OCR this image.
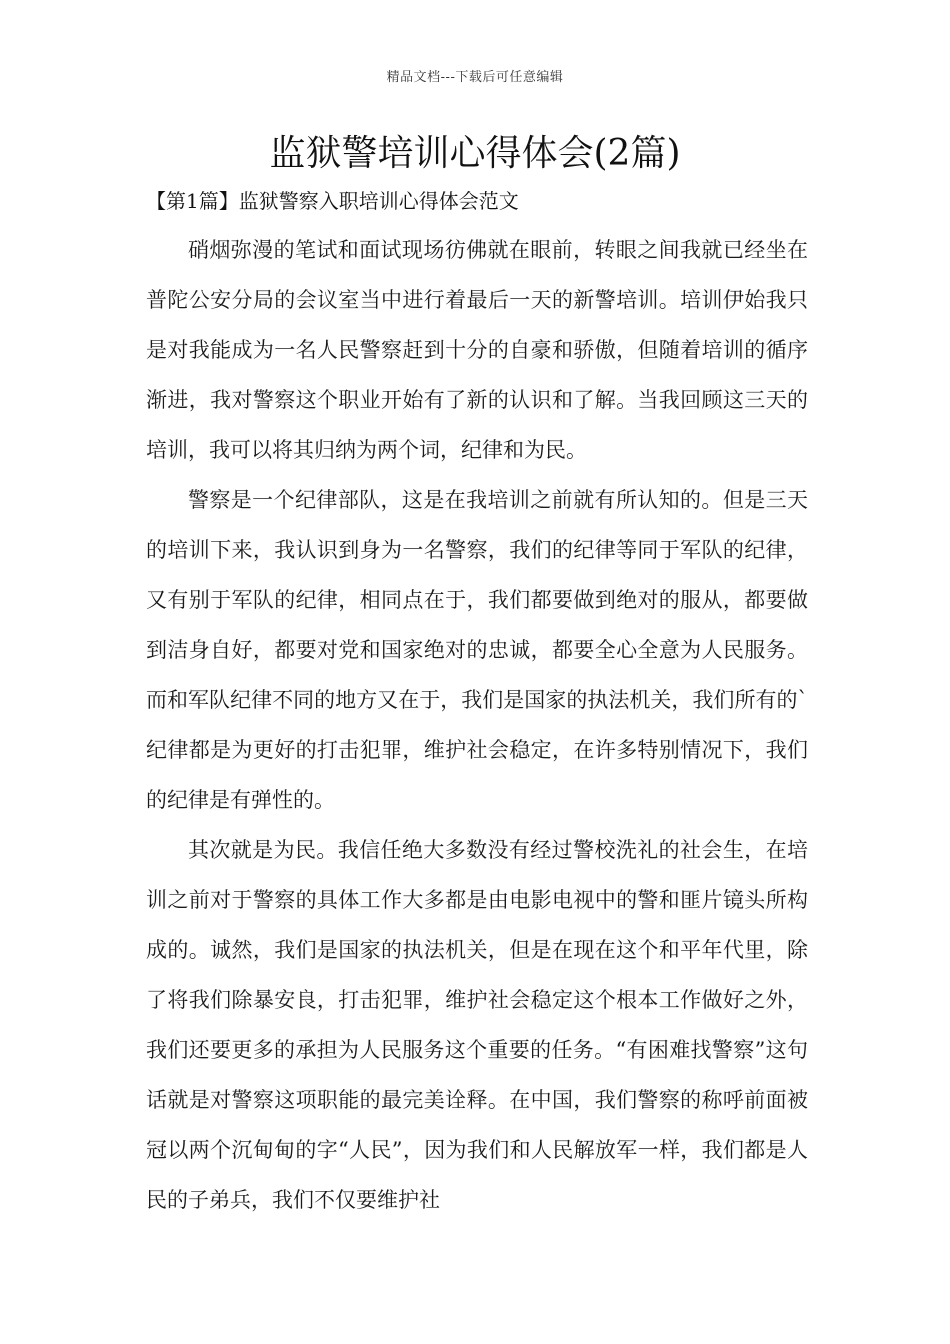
精品文档---下载后可任意编辑
监狱警培训心得体会(2篇)
【第1篇】监狱警察入职培训心得体会范文

硝烟弥漫的笔试和面试现场彷佛就在眼前，转眼之间我就已经坐在普陀公安分局的会议室当中进行着最后一天的新警培训。培训伊始我只是对我能成为一名人民警察赶到十分的自豪和骄傲，但随着培训的循序渐进，我对警察这个职业开始有了新的认识和了解。当我回顾这三天的培训，我可以将其归纳为两个词，纪律和为民。

警察是一个纪律部队，这是在我培训之前就有所认知的。但是三天的培训下来，我认识到身为一名警察，我们的纪律等同于军队的纪律，又有别于军队的纪律，相同点在于，我们都要做到绝对的服从，都要做到洁身自好，都要对党和国家绝对的忠诚，都要全心全意为人民服务。而和军队纪律不同的地方又在于，我们是国家的执法机关，我们所有的`纪律都是为更好的打击犯罪，维护社会稳定，在许多特别情况下，我们的纪律是有弹性的。

其次就是为民。我信任绝大多数没有经过警校洗礼的社会生，在培训之前对于警察的具体工作大多都是由电影电视中的警和匪片镜头所构成的。诚然，我们是国家的执法机关，但是在现在这个和平年代里，除了将我们除暴安良，打击犯罪，维护社会稳定这个根本工作做好之外，我们还要更多的承担为人民服务这个重要的任务。“有困难找警察”这句话就是对警察这项职能的最完美诠释。在中国，我们警察的称呼前面被冠以两个沉甸甸的字“人民”，因为我们和人民解放军一样，我们都是人民的子弟兵，我们不仅要维护社
